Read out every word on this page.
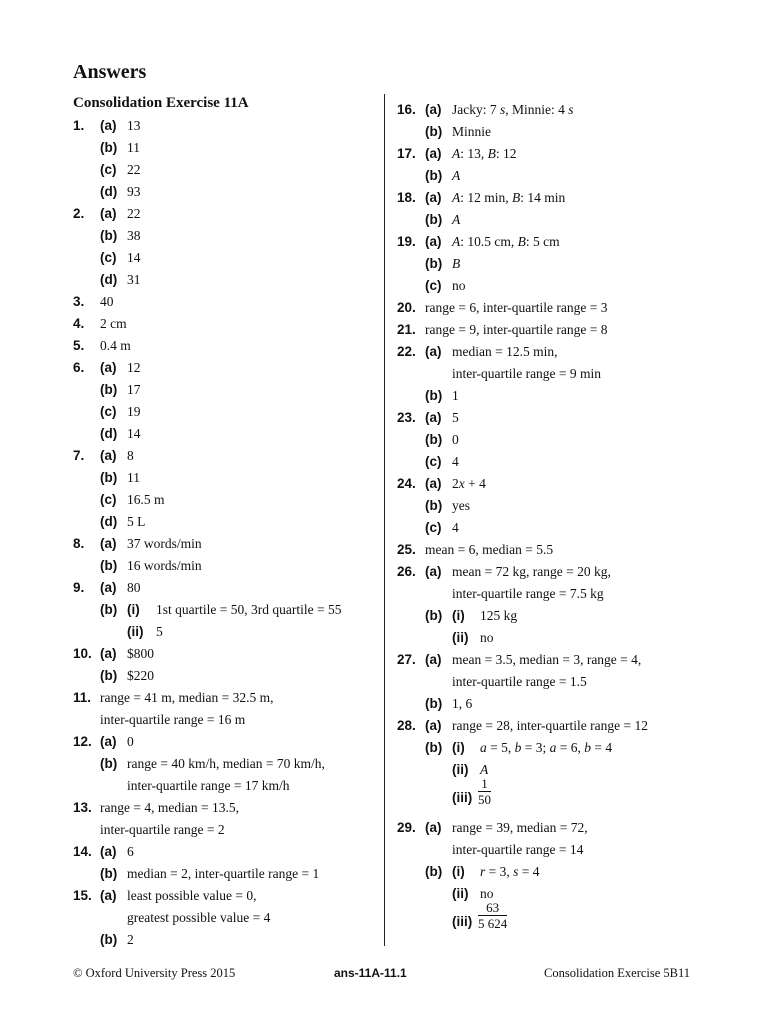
Answers
Consolidation Exercise 11A
1. (a) 13
(b) 11
(c) 22
(d) 93
2. (a) 22
(b) 38
(c) 14
(d) 31
3. 40
4. 2 cm
5. 0.4 m
6. (a) 12
(b) 17
(c) 19
(d) 14
7. (a) 8
(b) 11
(c) 16.5 m
(d) 5 L
8. (a) 37 words/min
(b) 16 words/min
9. (a) 80
(b) (i) 1st quartile = 50, 3rd quartile = 55
(ii) 5
10. (a) $800
(b) $220
11. range = 41 m, median = 32.5 m,
inter-quartile range = 16 m
12. (a) 0
(b) range = 40 km/h, median = 70 km/h,
inter-quartile range = 17 km/h
13. range = 4, median = 13.5,
inter-quartile range = 2
14. (a) 6
(b) median = 2, inter-quartile range = 1
15. (a) least possible value = 0,
greatest possible value = 4
(b) 2
16. (a) Jacky: 7 s, Minnie: 4 s
(b) Minnie
17. (a) A: 13, B: 12
(b) A
18. (a) A: 12 min, B: 14 min
(b) A
19. (a) A: 10.5 cm, B: 5 cm
(b) B
(c) no
20. range = 6, inter-quartile range = 3
21. range = 9, inter-quartile range = 8
22. (a) median = 12.5 min,
inter-quartile range = 9 min
(b) 1
23. (a) 5
(b) 0
(c) 4
24. (a) 2x + 4
(b) yes
(c) 4
25. mean = 6, median = 5.5
26. (a) mean = 72 kg, range = 20 kg,
inter-quartile range = 7.5 kg
(b) (i) 125 kg
(ii) no
27. (a) mean = 3.5, median = 3, range = 4,
inter-quartile range = 1.5
(b) 1, 6
28. (a) range = 28, inter-quartile range = 12
(b) (i) a = 5, b = 3; a = 6, b = 4
(ii) A
(iii)
1
50
29. (a) range = 39, median = 72,
inter-quartile range = 14
(b) (i) r = 3, s = 4
(ii) no
(iii)
63
5 624
© Oxford University Press 2015	ans-11A-11.1	Consolidation Exercise 5B11
